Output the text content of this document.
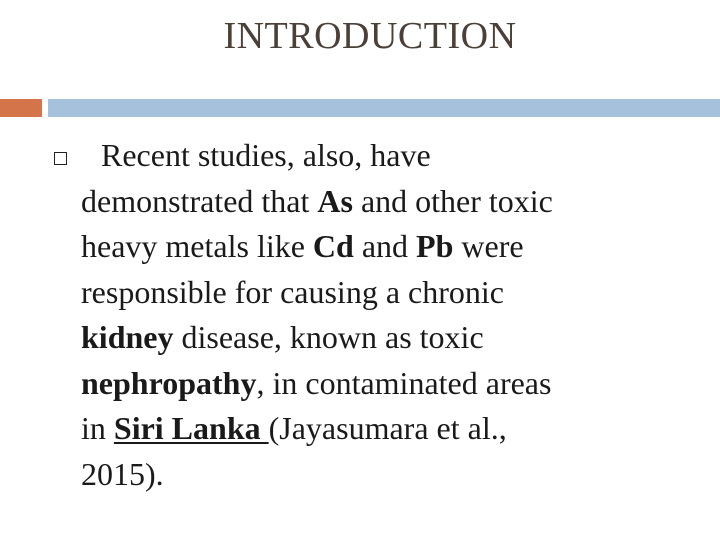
INTRODUCTION
Recent studies, also, have
demonstrated that As and other toxic
heavy metals like Cd and Pb were
responsible for causing a chronic
kidney disease, known as toxic
nephropathy, in contaminated areas
in Siri Lanka (Jayasumara et al.,
2015).
